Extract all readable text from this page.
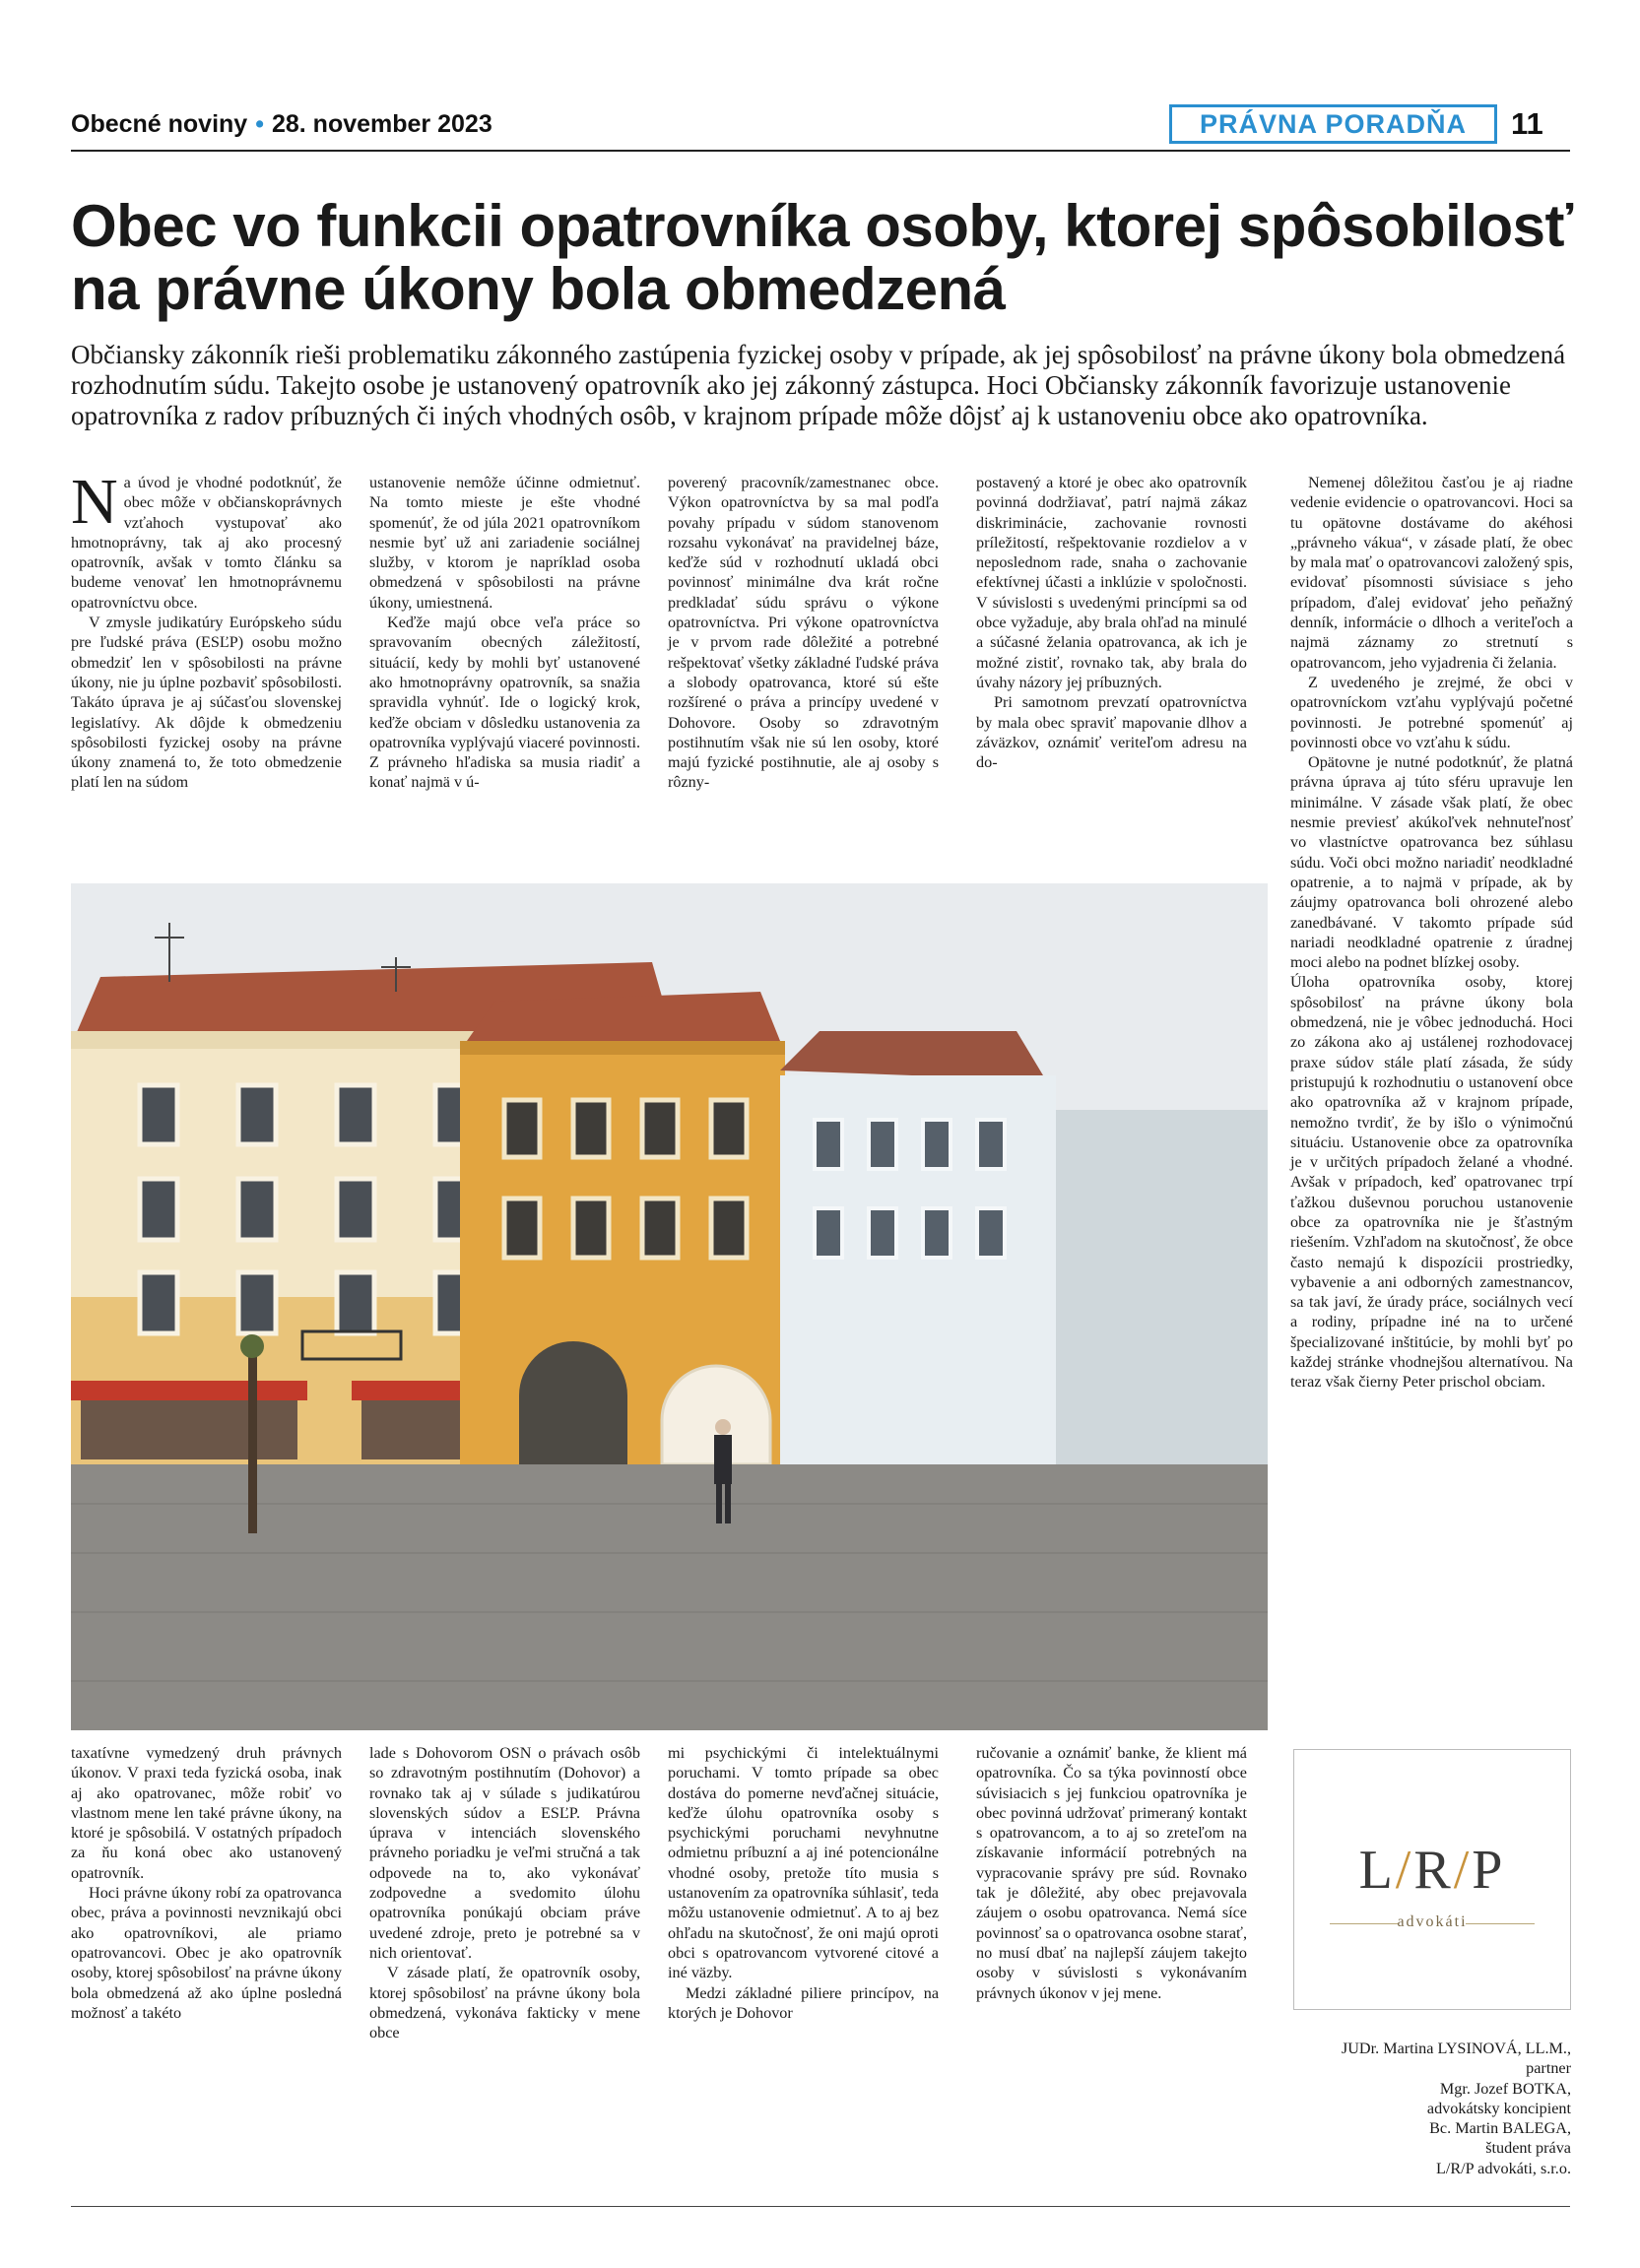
Obecné noviny • 28. november 2023	PRÁVNA PORADŇA	11
Obec vo funkcii opatrovníka osoby, ktorej spôsobilosť
na právne úkony bola obmedzená
Občiansky zákonník rieši problematiku zákonného zastúpenia fyzickej osoby v prípade, ak jej spôsobilosť na právne úkony bola obmedzená rozhodnutím súdu. Takejto osobe je ustanovený opatrovník ako jej zákonný zástupca. Hoci Občiansky zákonník favorizuje ustanovenie opatrovníka z radov príbuzných či iných vhodných osôb, v krajnom prípade môže dôjsť aj k ustanoveniu obce ako opatrovníka.

Na úvod je vhodné podotknúť, že obec môže v občianskoprávnych vzťahoch vystupovať ako hmotnoprávny, tak aj ako procesný opatrovník, avšak v tomto článku sa budeme venovať len hmotnoprávnemu opatrovníctvu obce.

V zmysle judikatúry Európskeho súdu pre ľudské práva (ESĽP) osobu možno obmedziť len v spôsobilosti na právne úkony, nie ju úplne pozbaviť spôsobilosti. Takáto úprava je aj súčasťou slovenskej legislatívy. Ak dôjde k obmedzeniu spôsobilosti fyzickej osoby na právne úkony znamená to, že toto obmedzenie platí len na súdom

ustanovenie nemôže účinne odmietnuť. Na tomto mieste je ešte vhodné spomenúť, že od júla 2021 opatrovníkom nesmie byť už ani zariadenie sociálnej služby, v ktorom je napríklad osoba obmedzená v spôsobilosti na právne úkony, umiestnená.

Keďže majú obce veľa práce so spravovaním obecných záležitostí, situácií, kedy by mohli byť ustanovené ako hmotnoprávny opatrovník, sa snažia spravidla vyhnúť. Ide o logický krok, keďže obciam v dôsledku ustanovenia za opatrovníka vyplývajú viaceré povinnosti. Z právneho hľadiska sa musia riadiť a konať najmä v ú-

poverený pracovník/zamestnanec obce. Výkon opatrovníctva by sa mal podľa povahy prípadu v súdom stanovenom rozsahu vykonávať na pravidelnej báze, keďže súd v rozhodnutí ukladá obci povinnosť minimálne dva krát ročne predkladať súdu správu o výkone opatrovníctva. Pri výkone opatrovníctva je v prvom rade dôležité a potrebné rešpektovať všetky základné ľudské práva a slobody opatrovanca, ktoré sú ešte rozšírené o práva a princípy uvedené v Dohovore. Osoby so zdravotným postihnutím však nie sú len osoby, ktoré majú fyzické postihnutie, ale aj osoby s rôzny-

postavený a ktoré je obec ako opatrovník povinná dodržiavať, patrí najmä zákaz diskriminácie, zachovanie rovnosti príležitostí, rešpektovanie rozdielov a v neposlednom rade, snaha o zachovanie efektívnej účasti a inklúzie v spoločnosti. V súvislosti s uvedenými princípmi sa od obce vyžaduje, aby brala ohľad na minulé a súčasné želania opatrovanca, ak ich je možné zistiť, rovnako tak, aby brala do úvahy názory jej príbuzných.

Pri samotnom prevzatí opatrovníctva by mala obec spraviť mapovanie dlhov a záväzkov, oznámiť veriteľom adresu na do-

Nemenej dôležitou časťou je aj riadne vedenie evidencie o opatrovancovi. Hoci sa tu opätovne dostávame do akéhosi „právneho vákua“, v zásade platí, že obec by mala mať o opatrovancovi založený spis, evidovať písomnosti súvisiace s jeho prípadom, ďalej evidovať jeho peňažný denník, informácie o dlhoch a veriteľoch a najmä záznamy zo stretnutí s opatrovancom, jeho vyjadrenia či želania.

Z uvedeného je zrejmé, že obci v opatrovníckom vzťahu vyplývajú početné povinnosti. Je potrebné spomenúť aj povinnosti obce vo vzťahu k súdu.

Opätovne je nutné podotknúť, že platná právna úprava aj túto sféru upravuje len minimálne. V zásade však platí, že obec nesmie previesť akúkoľvek nehnuteľnosť vo vlastníctve opatrovanca bez súhlasu súdu. Voči obci možno nariadiť neodkladné opatrenie, a to najmä v prípade, ak by záujmy opatrovanca boli ohrozené alebo zanedbávané. V takomto prípade súd nariadi neodkladné opatrenie z úradnej moci alebo na podnet blízkej osoby.

Úloha opatrovníka osoby, ktorej spôsobilosť na právne úkony bola obmedzená, nie je vôbec jednoduchá. Hoci zo zákona ako aj ustálenej rozhodovacej praxe súdov stále platí zásada, že súdy pristupujú k rozhodnutiu o ustanovení obce ako opatrovníka až v krajnom prípade, nemožno tvrdiť, že by išlo o výnimočnú situáciu. Ustanovenie obce za opatrovníka je v určitých prípadoch želané a vhodné. Avšak v prípadoch, keď opatrovanec trpí ťažkou duševnou poruchou ustanovenie obce za opatrovníka nie je šťastným riešením. Vzhľadom na skutočnosť, že obce často nemajú k dispozícii prostriedky, vybavenie a ani odborných zamestnancov, sa tak javí, že úrady práce, sociálnych vecí a rodiny, prípadne iné na to určené špecializované inštitúcie, by mohli byť po každej stránke vhodnejšou alternatívou. Na teraz však čierny Peter prischol obciam.

taxatívne vymedzený druh právnych úkonov. V praxi teda fyzická osoba, inak aj ako opatrovanec, môže robiť vo vlastnom mene len také právne úkony, na ktoré je spôsobilá. V ostatných prípadoch za ňu koná obec ako ustanovený opatrovník.

Hoci právne úkony robí za opatrovanca obec, práva a povinnosti nevznikajú obci ako opatrovníkovi, ale priamo opatrovancovi. Obec je ako opatrovník osoby, ktorej spôsobilosť na právne úkony bola obmedzená až ako úplne posledná možnosť a takéto

lade s Dohovorom OSN o právach osôb so zdravotným postihnutím (Dohovor) a rovnako tak aj v súlade s judikatúrou slovenských súdov a ESĽP. Právna úprava v intenciách slovenského právneho poriadku je veľmi stručná a tak odpovede na to, ako vykonávať zodpovedne a svedomito úlohu opatrovníka ponúkajú obciam práve uvedené zdroje, preto je potrebné sa v nich orientovať.

V zásade platí, že opatrovník osoby, ktorej spôsobilosť na právne úkony bola obmedzená, vykonáva fakticky v mene obce

mi psychickými či intelektuálnymi poruchami. V tomto prípade sa obec dostáva do pomerne nevďačnej situácie, keďže úlohu opatrovníka osoby s psychickými poruchami nevyhnutne odmietnu príbuzní a aj iné potencionálne vhodné osoby, pretože títo musia s ustanovením za opatrovníka súhlasiť, teda môžu ustanovenie odmietnuť. A to aj bez ohľadu na skutočnosť, že oni majú oproti obci s opatrovancom vytvorené citové a iné väzby.

Medzi základné piliere princípov, na ktorých je Dohovor

ručovanie a oznámiť banke, že klient má opatrovníka. Čo sa týka povinností obce súvisiacich s jej funkciou opatrovníka je obec povinná udržovať primeraný kontakt s opatrovancom, a to aj so zreteľom na získavanie informácií potrebných na vypracovanie správy pre súd. Rovnako tak je dôležité, aby obec prejavovala záujem o osobu opatrovanca. Nemá síce povinnosť sa o opatrovanca osobne starať, no musí dbať na najlepší záujem takejto osoby v súvislosti s vykonávaním právnych úkonov v jej mene.

L/R/P
advokáti
JUDr. Martina LYSINOVÁ, LL.M.,
partner
Mgr. Jozef BOTKA,
advokátsky koncipient
Bc. Martin BALEGA,
študent práva
L/R/P advokáti, s.r.o.
